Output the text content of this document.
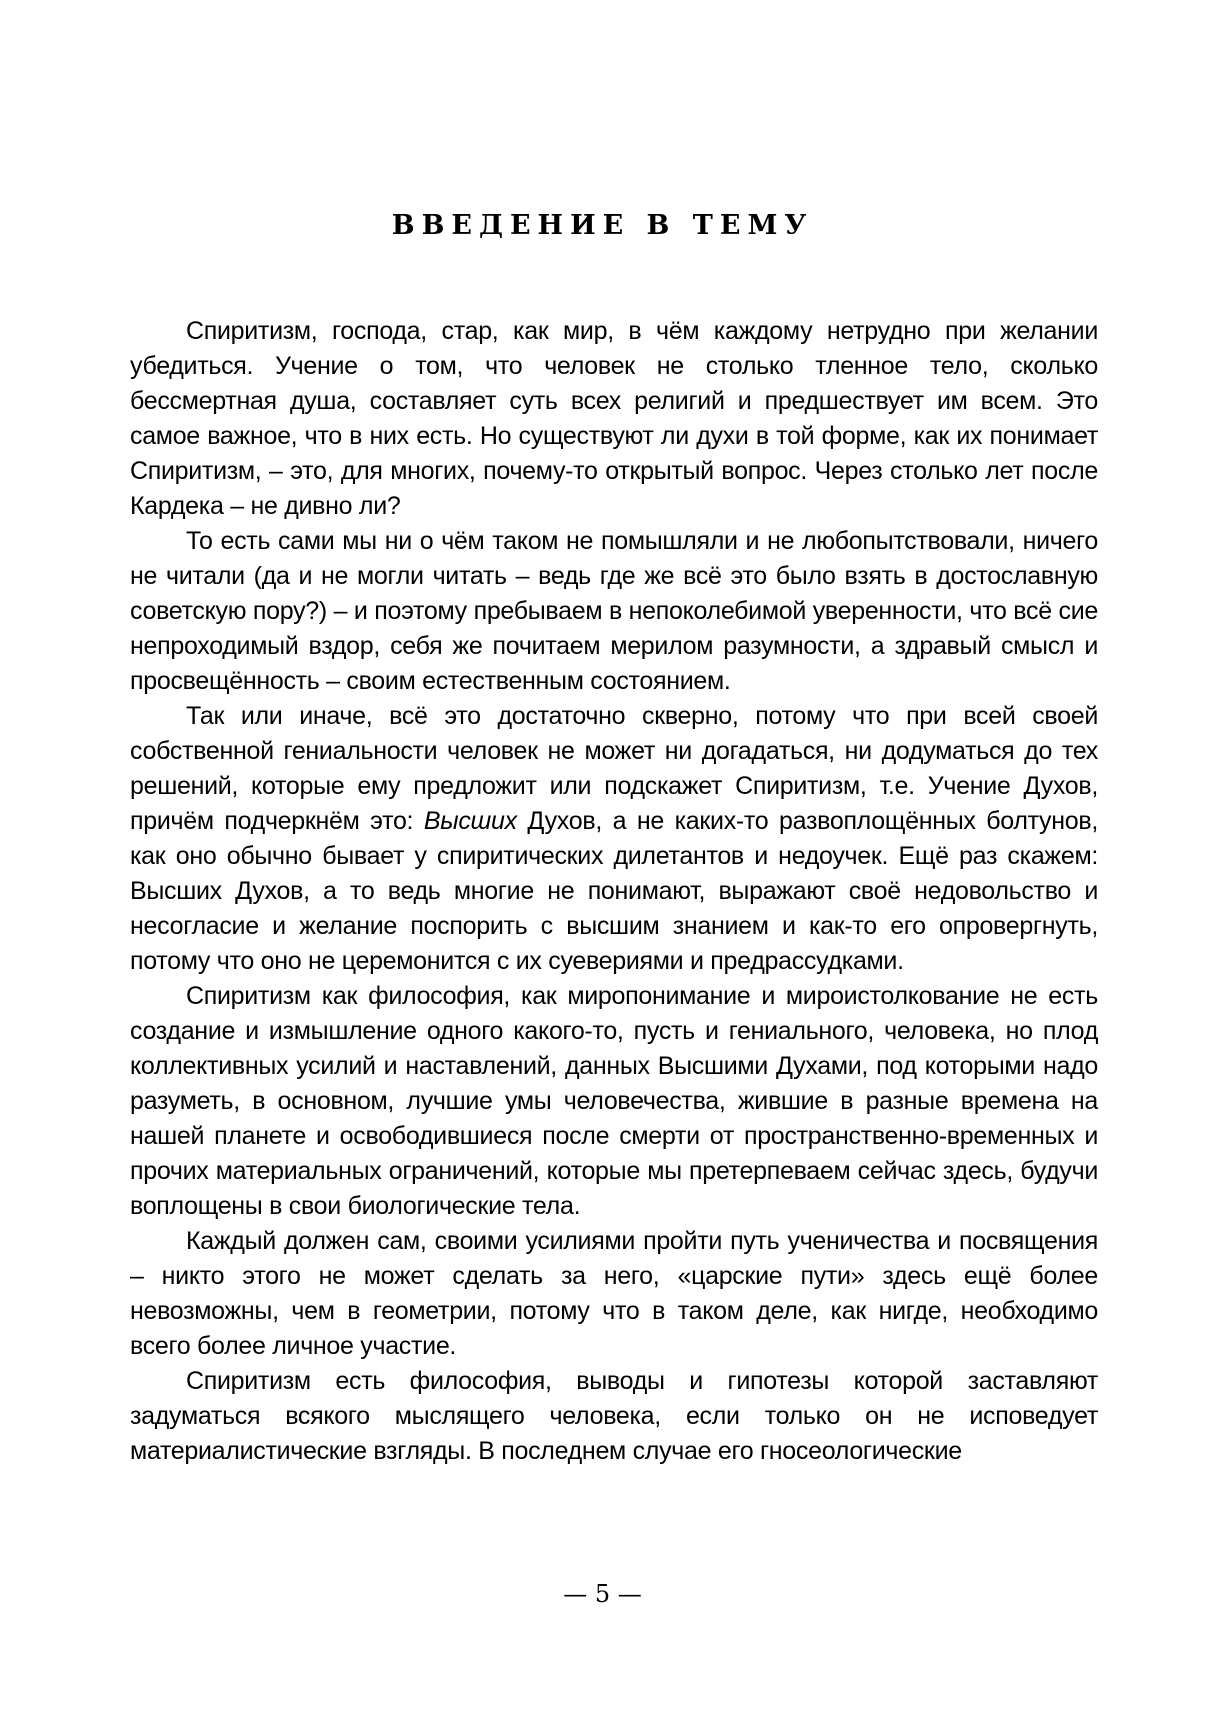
ВВЕДЕНИЕ В ТЕМУ

Спиритизм, господа, стар, как мир, в чём каждому нетрудно при желании убедиться. Учение о том, что человек не столько тленное тело, сколько бессмертная душа, составляет суть всех религий и предшествует им всем. Это самое важное, что в них есть. Но существуют ли духи в той форме, как их понимает Спиритизм, – это, для многих, почему-то открытый вопрос. Через столько лет после Кардека – не дивно ли?

То есть сами мы ни о чём таком не помышляли и не любопытствовали, ничего не читали (да и не могли читать – ведь где же всё это было взять в достославную советскую пору?) – и поэтому пребываем в непоколебимой уверенности, что всё сие непроходимый вздор, себя же почитаем мерилом разумности, а здравый смысл и просвещённость – своим естественным состоянием.

Так или иначе, всё это достаточно скверно, потому что при всей своей собственной гениальности человек не может ни догадаться, ни додуматься до тех решений, которые ему предложит или подскажет Спиритизм, т.е. Учение Духов, причём подчеркнём это: Высших Духов, а не каких-то развоплощённых болтунов, как оно обычно бывает у спиритических дилетантов и недоучек. Ещё раз скажем: Высших Духов, а то ведь многие не понимают, выражают своё недовольство и несогласие и желание поспорить с высшим знанием и как-то его опровергнуть, потому что оно не церемонится с их суевериями и предрассудками.

Спиритизм как философия, как миропонимание и мироистолкование не есть создание и измышление одного какого-то, пусть и гениального, человека, но плод коллективных усилий и наставлений, данных Высшими Духами, под которыми надо разуметь, в основном, лучшие умы человечества, жившие в разные времена на нашей планете и освободившиеся после смерти от пространственно-временных и прочих материальных ограничений, которые мы претерпеваем сейчас здесь, будучи воплощены в свои биологические тела.

Каждый должен сам, своими усилиями пройти путь ученичества и посвящения – никто этого не может сделать за него, «царские пути» здесь ещё более невозможны, чем в геометрии, потому что в таком деле, как нигде, необходимо всего более личное участие.

Спиритизм есть философия, выводы и гипотезы которой заставляют задуматься всякого мыслящего человека, если только он не исповедует материалистические взгляды. В последнем случае его гносеологические

— 5 —
